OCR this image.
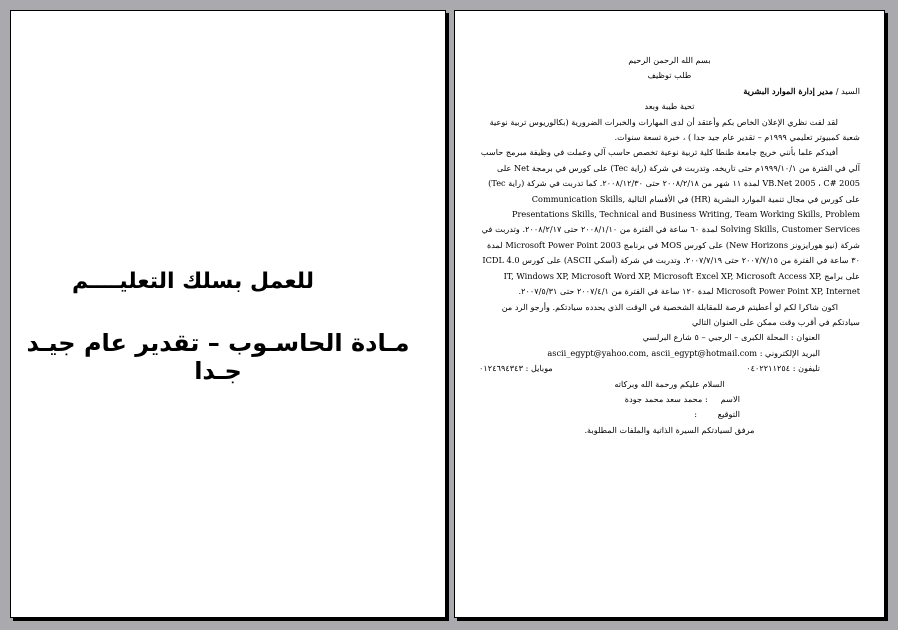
للعمل بسلك التعليــــم
مـادة الحاسـوب – تقدير عام جيـد جـدا
بسم الله الرحمن الرحيم
طلب توظيف
السيد / مدير إدارة الموارد البشرية
تحية طيبة وبعد
لقد لفت نظري الإعلان الخاص بكم وأعتقد أن لدى المهارات والخبرات الضرورية (بكالوريوس تربية نوعية شعبة كمبيوتر تعليمي ١٩٩٩م – تقدير عام جيد جدا ) ، خبرة تسعة سنوات.
أفيدكم علما بأنني خريج جامعة طنطا كلية تربية نوعية تخصص حاسب آلي وعملت في وظيفة مبرمج حاسب آلي في الفترة من ١٩٩٩/١٠/١م حتى تاريخه. وتدربت في شركة (راية Tec) على كورس في برمجة Net على VB.Net 2005 ، C# 2005 لمدة ١١ شهر من ٢٠٠٨/٢/١٨ حتى ٢٠٠٨/١٢/٣٠. كما تدربت في شركة (راية Tec) على كورس في مجال تنمية الموارد البشرية (HR) في الأقسام التالية Communication Skills, Presentations Skills, Technical and Business Writing, Team Working Skills, Problem Solving Skills, Customer Services لمدة ٦٠ ساعة في الفترة من ٢٠٠٨/١/١٠ حتى ٢٠٠٨/٢/١٧. وتدربت في شركة (نيو هورايزونز New Horizons) على كورس MOS في برنامج Microsoft Power Point 2003 لمدة ٣٠ ساعة في الفترة من ٢٠٠٧/٧/١٥ حتى ٢٠٠٧/٧/١٩. وتدربت في شركة (أسكي ASCII) على كورس ICDL 4.0 على برامج IT, Windows XP, Microsoft Word XP, Microsoft Excel XP, Microsoft Access XP, Microsoft Power Point XP, Internet لمدة ١٢٠ ساعة في الفترة من ٢٠٠٧/٤/١ حتى ٢٠٠٧/٥/٣١.
اكون شاكرا لكم لو أعطيتم فرصة للمقابلة الشخصية في الوقت الذي يحدده سيادتكم. وأرجو الرد من سيادتكم في أقرب وقت ممكن على العنوان التالي
العنوان : المحلة الكبرى – الرجبي – ٥ شارع البرلسي
البريد الإلكتروني : ascii_egypt@yahoo.com, ascii_egypt@hotmail.com
تليفون : ٠٤٠٢٢١١٢٥٤
موبايل : ٠١٢٤٦٩٤٣٤٣
السلام عليكم ورحمة الله وبركاته
الاسم     : محمد سعد محمد جودة
التوقيع        :
مرفق لسيادتكم السيرة الذاتية والملفات المطلوبة.
